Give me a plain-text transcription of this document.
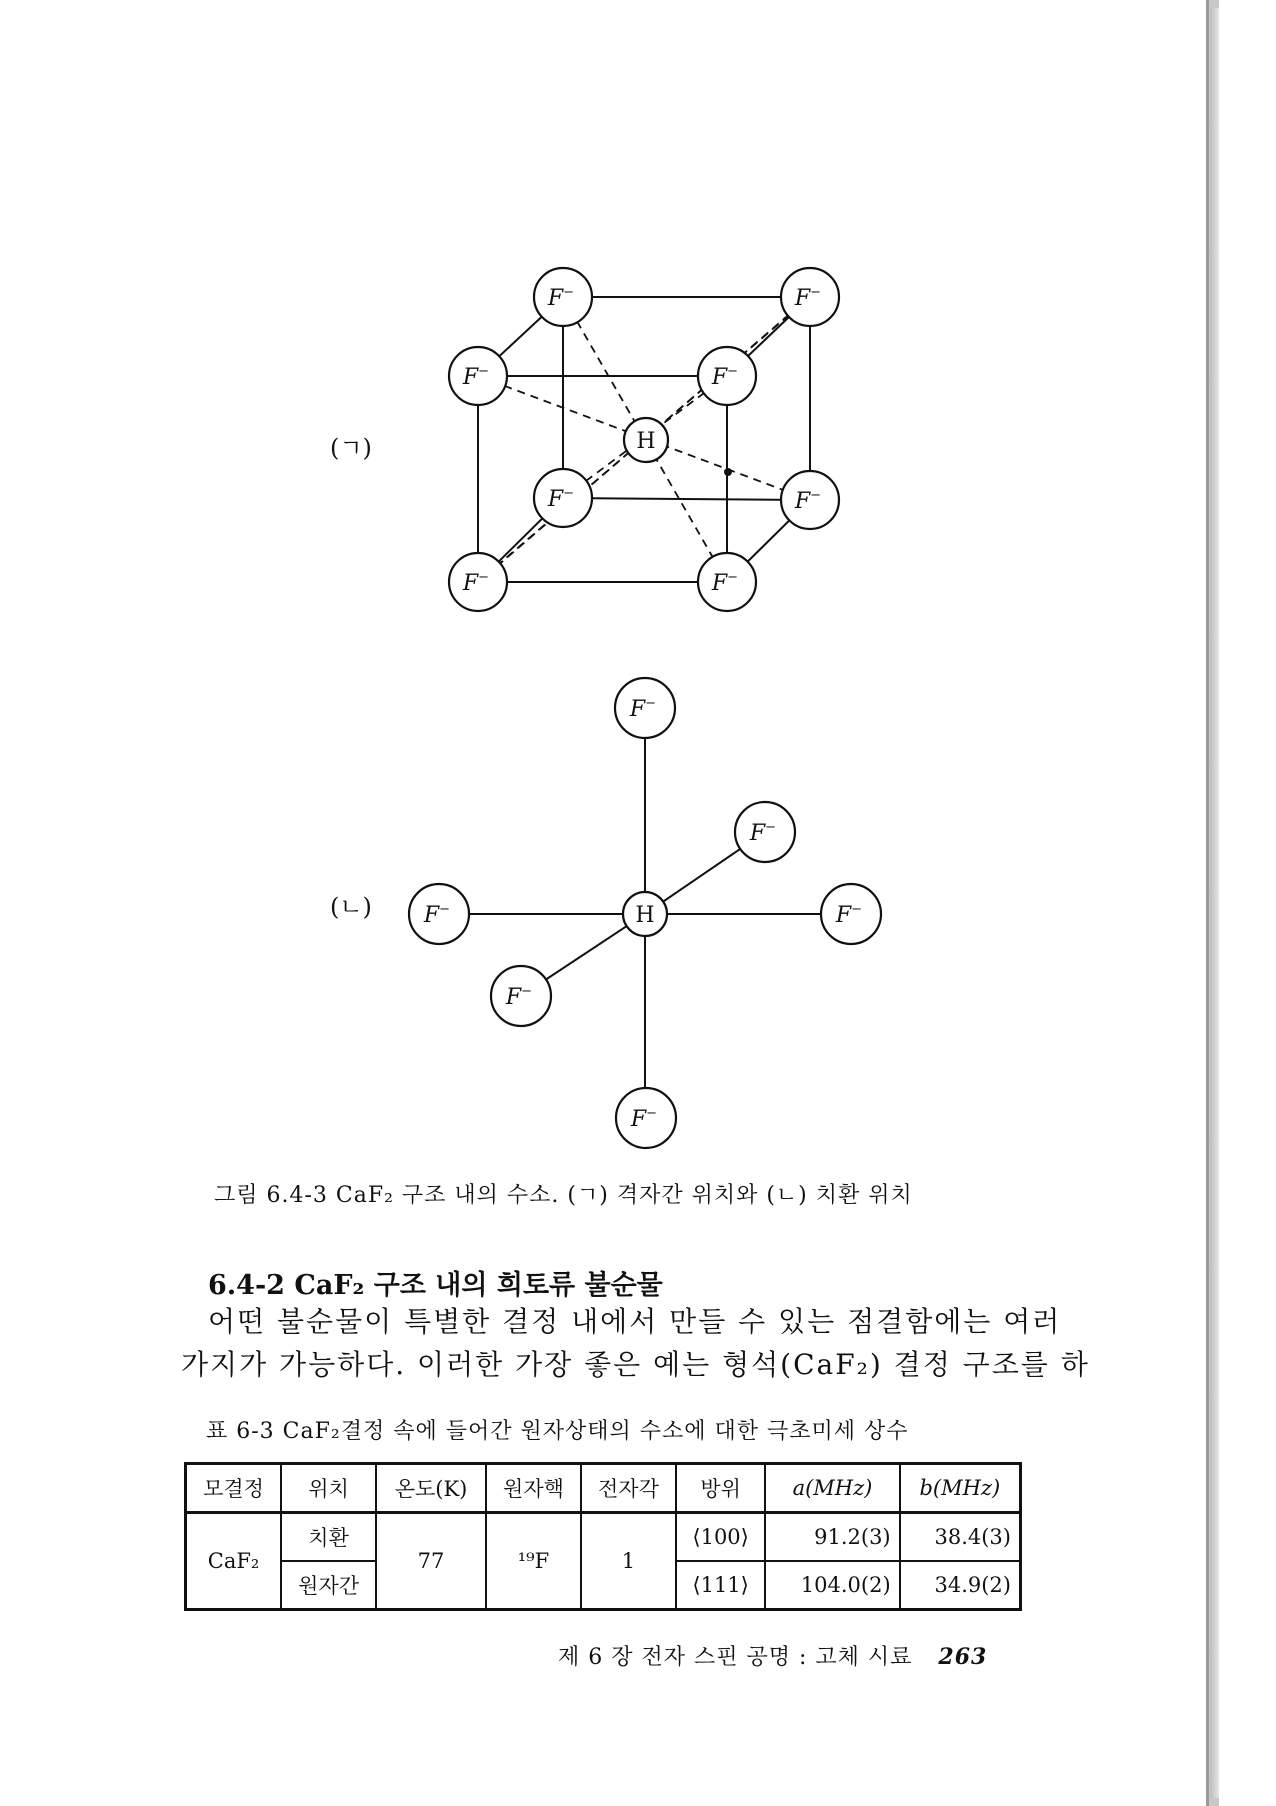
F−	F−
F−	F−
F−	F−
F−	F−
H
F−
F−
F−	F−
F−
F−
H
(ㄱ)
(ㄴ)
그림 6.4-3 CaF₂ 구조 내의 수소. (ㄱ) 격자간 위치와 (ㄴ) 치환 위치
6.4-2 CaF₂ 구조 내의 희토류 불순물
어떤 불순물이 특별한 결정 내에서 만들 수 있는 점결함에는 여러
가지가 가능하다. 이러한 가장 좋은 예는 형석(CaF₂) 결정 구조를 하
표 6-3 CaF₂결정 속에 들어간 원자상태의 수소에 대한 극초미세 상수
모결정	위치	온도(K)	원자핵	전자각	방위	a(MHz)	b(MHz)
CaF₂	치환	77	¹⁹F	1	⟨100⟩	91.2(3)	38.4(3)
	원자간				⟨111⟩	104.0(2)	34.9(2)
제 6 장 전자 스핀 공명 : 고체 시료 263
